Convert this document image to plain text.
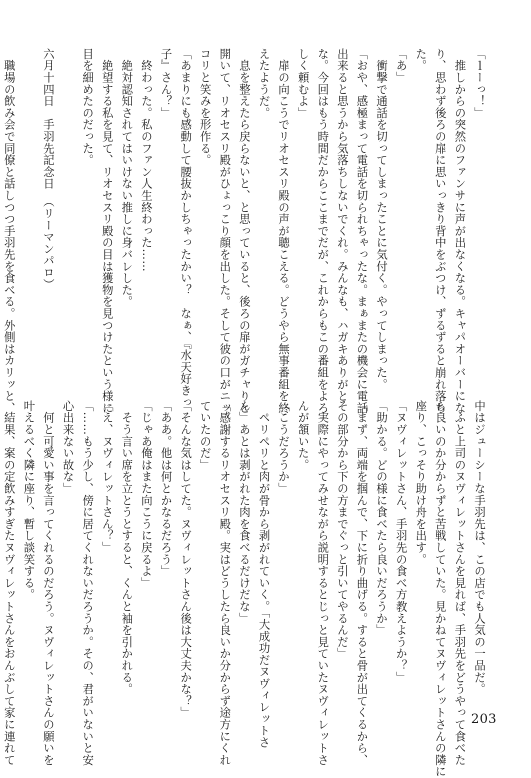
「ｌーっ！」
　推しからの突然のファンサに声が出なくなる。キャパオーバーにな
り、思わず後ろの扉に思いっきり背中をぶつけ、ずるずると崩れ落ち
た。
「あ」
　衝撃で通話を切ってしまったことに気付く。やってしまった。
「おや、感極まって電話を切られちゃったな。まぁまたの機会に電話
出来ると思うから気落ちしないでくれ。みんなも、ハガキありがと
な。今回はもう時間だからここまでだが、これからもこの番組をよろ
しく頼むよ」
　扉の向こうでリオセスリ殿の声が聴こえる。どうやら無事番組を終
えたようだ。
　息を整えたら戻らないと、と思っていると、後ろの扉がガチャりと
開いて、リオセスリ殿がひょっこり顔を出した。そして彼の口がニッ
コリと笑みを形作る。
「あまりにも感動して腰抜かしちゃったかい？　なぁ、『水天好きっ
子』さん？」
　終わった。私のファン人生終わった……
　絶対認知されてはいけない推しに身バレした。
　絶望する私を見て、リオセスリ殿の目は獲物を見つけたという様に
目を細めたのだった。

六月十四日　手羽先記念日　（リーマンパロ）

　職場の飲み会で同僚と話しつつ手羽先を食べる。外側はカリッと、
中はジューシーな手羽先は、この店でも人気の一品だ。
　ふと上司のヌヴィレットさんを見れば、手羽先をどうやって食べた
ら良いのか分からずと苦戦していた。見かねてヌヴィレットさんの隣に
座り、こっそり助け舟を出す。
「ヌヴィレットさん、手羽先の食べ方教えようか？」
「助かる。どの様に食べたら良いだろうか」
「まず、両端を掴んで、下に折り曲げる。すると骨が出てくるから、
その部分から下の方までぐっと引いてやるんだ」
　実際にやってみせながら説明するとじっと見ていたヌヴィレットさ
んが頷いた。
「こうだろうか」
　ペリペリと肉が骨から剥がれていく。「大成功だヌヴィレットさ
ん」あとは剥がれた肉を食べるだけだな」
「感謝するリオセスリ殿。実はどうしたら良いか分からず途方にくれ
ていたのだ」
「そんな気はしてた。ヌヴィレットさん後は大丈夫かな？」
「ああ。他は何とかなるだろう」
「じゃあ俺はまた向こうに戻るよ」
　そう言い席を立とうとすると、くんと袖を引かれる。
「え、ヌヴィレットさん？」
「……もう少し、傍に居てくれないだろうか。その、君がいないと安
心出来ない故な」
　何と可愛い事を言ってくれるのだろう。ヌヴィレットさんの願いを
叶えるべく隣に座り、暫し談笑する。
　結果、案の定飲みすぎたヌヴィレットさんをおんぶして家に連れて	203
